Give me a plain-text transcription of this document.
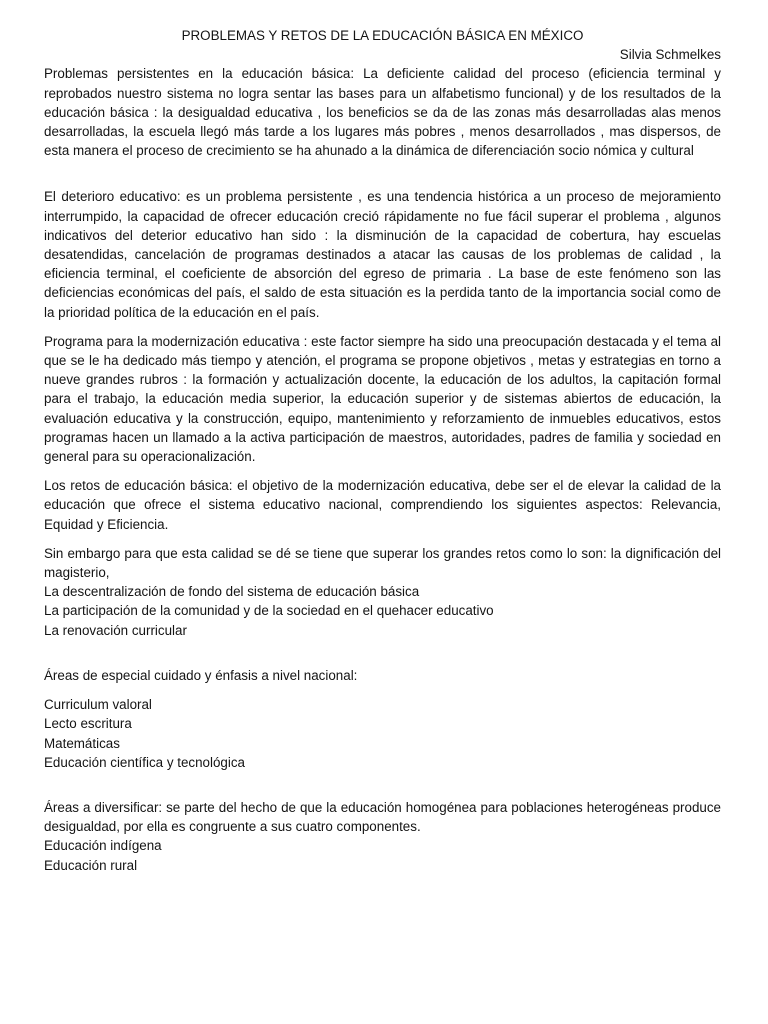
PROBLEMAS Y RETOS DE LA EDUCACIÓN BÁSICA EN MÉXICO

Silvia Schmelkes

Problemas persistentes en la educación básica: La deficiente calidad del proceso (eficiencia terminal y reprobados nuestro sistema no logra sentar las bases para un alfabetismo funcional) y de los resultados de la educación básica : la desigualdad educativa , los beneficios se da de las zonas más desarrolladas alas menos desarrolladas, la escuela llegó más tarde a los lugares más pobres , menos desarrollados , mas dispersos, de esta manera el proceso de crecimiento se ha ahunado a la dinámica de diferenciación socio nómica y cultural

El deterioro educativo: es un problema persistente , es una tendencia histórica a un proceso de mejoramiento interrumpido, la capacidad de ofrecer educación creció rápidamente no fue fácil superar el problema , algunos indicativos del deterior educativo han sido : la disminución de la capacidad de cobertura, hay escuelas desatendidas, cancelación de programas destinados a atacar las causas de los problemas de calidad , la eficiencia terminal, el coeficiente de absorción del egreso de primaria . La base de este fenómeno son las deficiencias económicas del país, el saldo de esta situación es la perdida tanto de la importancia social como de la prioridad política de la educación en el país.

Programa para la modernización educativa : este factor siempre ha sido una preocupación destacada y el tema al que se le ha dedicado más tiempo y atención, el programa se propone objetivos , metas y estrategias en torno a nueve grandes rubros : la formación y actualización docente, la educación de los adultos, la capitación formal para el trabajo, la educación media superior, la educación superior y de sistemas abiertos de educación, la evaluación educativa y la construcción, equipo, mantenimiento y reforzamiento de inmuebles educativos, estos programas hacen un llamado a la activa participación de maestros, autoridades, padres de familia y sociedad en general para su operacionalización.

Los retos de educación básica: el objetivo de la modernización educativa, debe ser el de elevar la calidad de la educación que ofrece el sistema educativo nacional, comprendiendo los siguientes aspectos: Relevancia, Equidad y Eficiencia.

Sin embargo para que esta calidad se dé se tiene que superar los grandes retos como lo son: la dignificación del magisterio,

La descentralización de fondo del sistema de educación básica
La participación de la comunidad y de la sociedad en el quehacer educativo
La renovación curricular

Áreas de especial cuidado y énfasis a nivel nacional:

Curriculum valoral
Lecto escritura
Matemáticas
Educación científica y tecnológica

Áreas a diversificar: se parte del hecho de que la educación homogénea para poblaciones heterogéneas produce desigualdad, por ella es congruente a sus cuatro componentes.

Educación indígena
Educación rural
